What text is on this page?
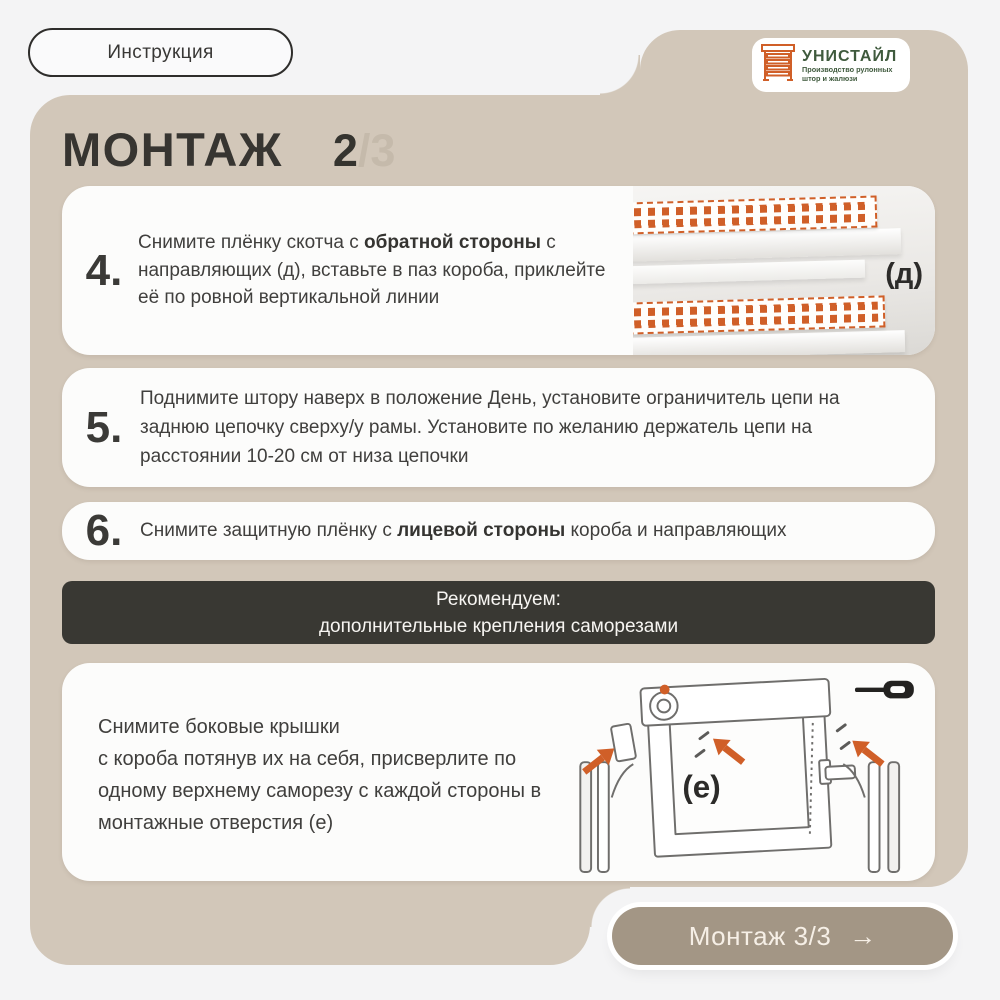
Инструкция	УНИСТАЙЛ
Производство рулонных
штор и жалюзи
МОНТАЖ 2 /3
4.

Снимите плёнку скотча с обратной стороны с направляющих (д), вставьте в паз короба, приклейте её по ровной вертикальной линии

(д)
5.

Поднимите штору наверх в положение День, установите ограничитель цепи на заднюю цепочку сверху/у рамы. Установите по желанию держатель цепи на расстоянии 10-20 см от низа цепочки

6. Снимите защитную плёнку с лицевой стороны короба и направляющих

Рекомендуем:
дополнительные крепления саморезами
Снимите боковые крышки
с короба потянув их на себя, присверлите по одному верхнему саморезу с каждой стороны в монтажные отверстия (е)
(е)
Монтаж 3/3 →
